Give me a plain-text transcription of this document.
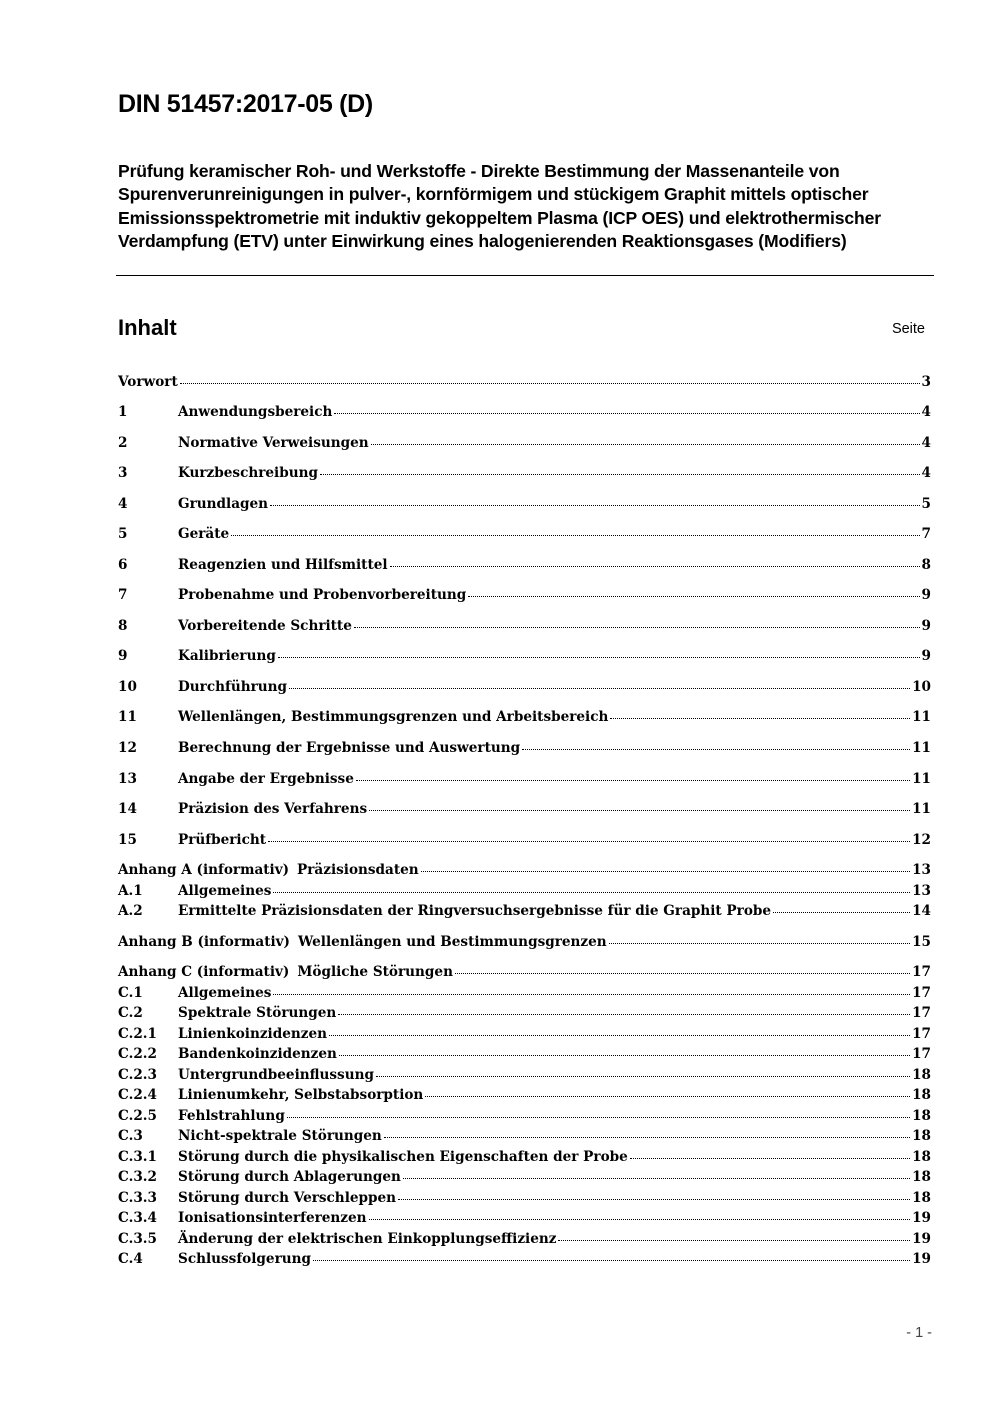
DIN 51457:2017-05 (D)

Prüfung keramischer Roh- und Werkstoffe - Direkte Bestimmung der Massenanteile von Spurenverunreinigungen in pulver-, kornförmigem und stückigem Graphit mittels optischer Emissionsspektrometrie mit induktiv gekoppeltem Plasma (ICP OES) und elektrothermischer Verdampfung (ETV) unter Einwirkung eines halogenierenden Reaktionsgases (Modifiers)

Inhalt	Seite
Vorwort	3
1	Anwendungsbereich	4
2	Normative Verweisungen	4
3	Kurzbeschreibung	4
4	Grundlagen	5
5	Geräte	7
6	Reagenzien und Hilfsmittel	8
7	Probenahme und Probenvorbereitung	9
8	Vorbereitende Schritte	9
9	Kalibrierung	9
10	Durchführung	10
11	Wellenlängen, Bestimmungsgrenzen und Arbeitsbereich	11
12	Berechnung der Ergebnisse und Auswertung	11
13	Angabe der Ergebnisse	11
14	Präzision des Verfahrens	11
15	Prüfbericht	12
Anhang A (informativ) Präzisionsdaten	13
A.1	Allgemeines	13
A.2	Ermittelte Präzisionsdaten der Ringversuchsergebnisse für die Graphit Probe	14
Anhang B (informativ) Wellenlängen und Bestimmungsgrenzen	15
Anhang C (informativ) Mögliche Störungen	17
C.1	Allgemeines	17
C.2	Spektrale Störungen	17
C.2.1	Linienkoinzidenzen	17
C.2.2	Bandenkoinzidenzen	17
C.2.3	Untergrundbeeinflussung	18
C.2.4	Linienumkehr, Selbstabsorption	18
C.2.5	Fehlstrahlung	18
C.3	Nicht-spektrale Störungen	18
C.3.1	Störung durch die physikalischen Eigenschaften der Probe	18
C.3.2	Störung durch Ablagerungen	18
C.3.3	Störung durch Verschleppen	18
C.3.4	Ionisationsinterferenzen	19
C.3.5	Änderung der elektrischen Einkopplungseffizienz	19
C.4	Schlussfolgerung	19
- 1 -
